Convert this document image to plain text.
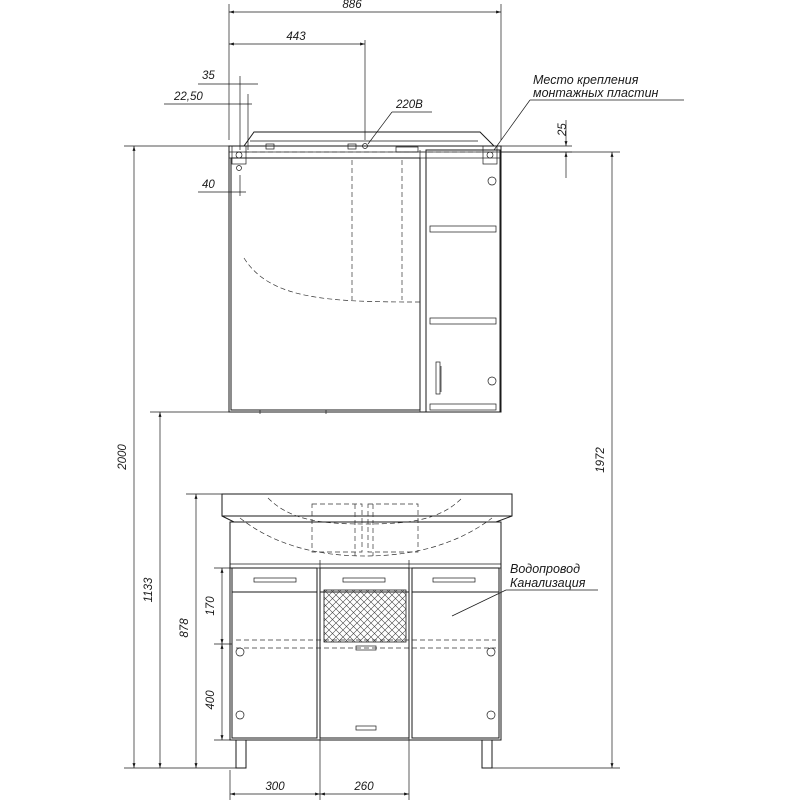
886
443
35
22,50
220В
40
25
2000	1972
1133
878
170
400
300	260
Место крепления
монтажных пластин
Водопровод
Канализация
